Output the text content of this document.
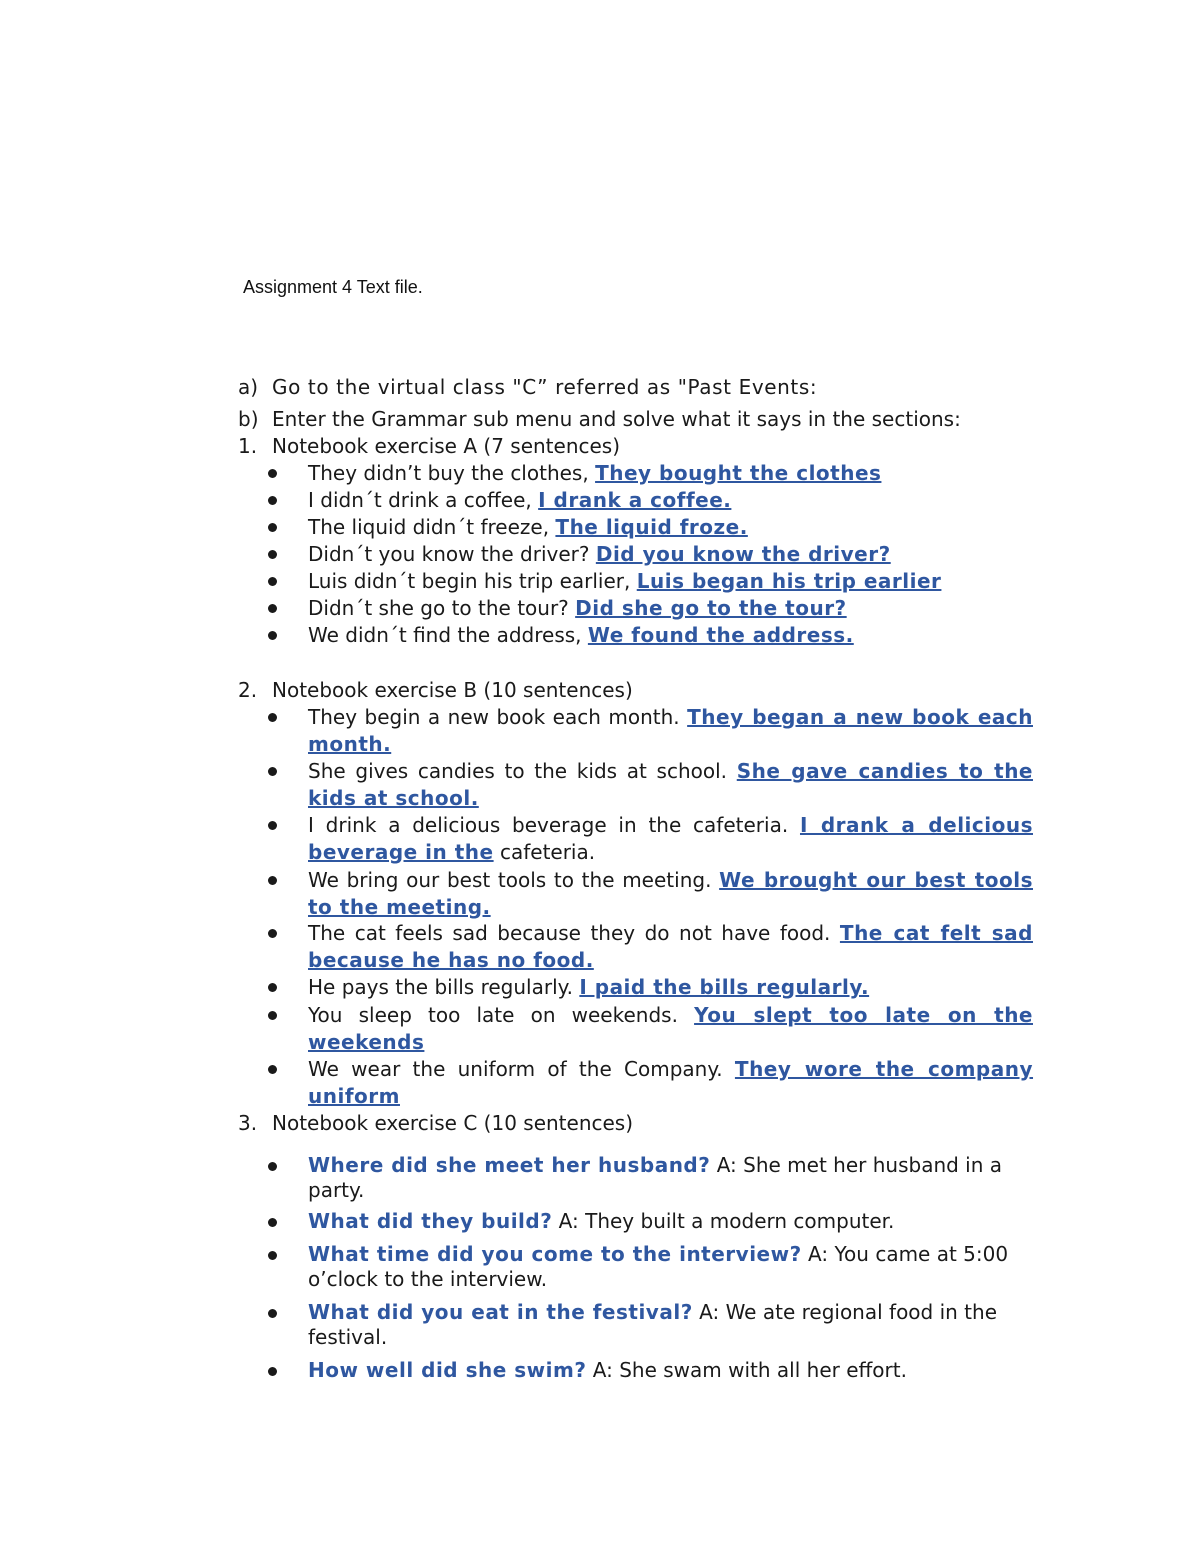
Assignment 4 Text file.
a) Go to the virtual class "C” referred as "Past Events:
b) Enter the Grammar sub menu and solve what it says in the sections:
1. Notebook exercise A (7 sentences)
They didn’t buy the clothes, They bought the clothes
I didn´t drink a coffee, I drank a coffee.
The liquid didn´t freeze, The liquid froze.
Didn´t you know the driver? Did you know the driver?
Luis didn´t begin his trip earlier, Luis began his trip earlier
Didn´t she go to the tour? Did she go to the tour?
We didn´t find the address, We found the address.
2. Notebook exercise B (10 sentences)
They begin a new book each month. They began a new book each month.
She gives candies to the kids at school. She gave candies to the kids at school.
I drink a delicious beverage in the cafeteria. I drank a delicious beverage in the cafeteria.
We bring our best tools to the meeting. We brought our best tools to the meeting.
The cat feels sad because they do not have food. The cat felt sad because he has no food.
He pays the bills regularly. I paid the bills regularly.
You sleep too late on weekends. You slept too late on the weekends
We wear the uniform of the Company. They wore the company uniform
3. Notebook exercise C (10 sentences)
Where did she meet her husband? A: She met her husband in a party.
What did they build? A: They built a modern computer.
What time did you come to the interview? A: You came at 5:00 o’clock to the interview.
What did you eat in the festival? A: We ate regional food in the festival.
How well did she swim? A: She swam with all her effort.
